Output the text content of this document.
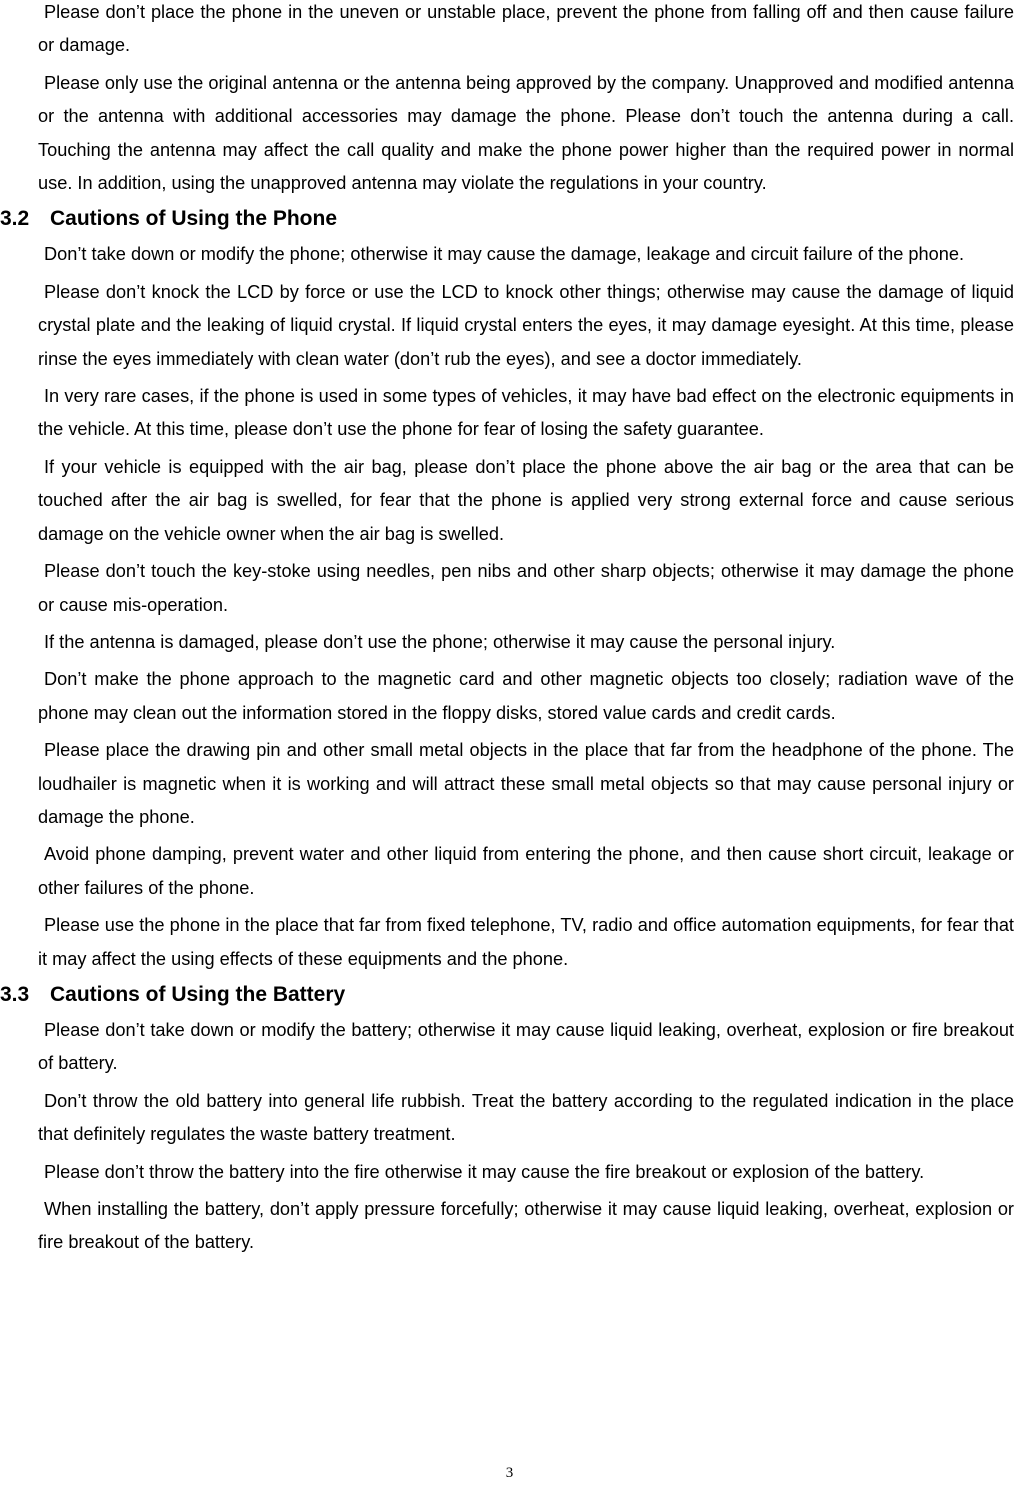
Please don’t place the phone in the uneven or unstable place, prevent the phone from falling off and then cause failure or damage.

Please only use the original antenna or the antenna being approved by the company. Unapproved and modified antenna or the antenna with additional accessories may damage the phone. Please don’t touch the antenna during a call. Touching the antenna may affect the call quality and make the phone power higher than the required power in normal use. In addition, using the unapproved antenna may violate the regulations in your country.

3.2 Cautions of Using the Phone

Don’t take down or modify the phone; otherwise it may cause the damage, leakage and circuit failure of the phone.

Please don’t knock the LCD by force or use the LCD to knock other things; otherwise may cause the damage of liquid crystal plate and the leaking of liquid crystal. If liquid crystal enters the eyes, it may damage eyesight. At this time, please rinse the eyes immediately with clean water (don’t rub the eyes), and see a doctor immediately.

In very rare cases, if the phone is used in some types of vehicles, it may have bad effect on the electronic equipments in the vehicle. At this time, please don’t use the phone for fear of losing the safety guarantee.

If your vehicle is equipped with the air bag, please don’t place the phone above the air bag or the area that can be touched after the air bag is swelled, for fear that the phone is applied very strong external force and cause serious damage on the vehicle owner when the air bag is swelled.

Please don’t touch the key-stoke using needles, pen nibs and other sharp objects; otherwise it may damage the phone or cause mis-operation.

If the antenna is damaged, please don’t use the phone; otherwise it may cause the personal injury.

Don’t make the phone approach to the magnetic card and other magnetic objects too closely; radiation wave of the phone may clean out the information stored in the floppy disks, stored value cards and credit cards.

Please place the drawing pin and other small metal objects in the place that far from the headphone of the phone. The loudhailer is magnetic when it is working and will attract these small metal objects so that may cause personal injury or damage the phone.

Avoid phone damping, prevent water and other liquid from entering the phone, and then cause short circuit, leakage or other failures of the phone.

Please use the phone in the place that far from fixed telephone, TV, radio and office automation equipments, for fear that it may affect the using effects of these equipments and the phone.

3.3 Cautions of Using the Battery

Please don’t take down or modify the battery; otherwise it may cause liquid leaking, overheat, explosion or fire breakout of battery.

Don’t throw the old battery into general life rubbish. Treat the battery according to the regulated indication in the place that definitely regulates the waste battery treatment.

Please don’t throw the battery into the fire otherwise it may cause the fire breakout or explosion of the battery.

When installing the battery, don’t apply pressure forcefully; otherwise it may cause liquid leaking, overheat, explosion or fire breakout of the battery.

3
